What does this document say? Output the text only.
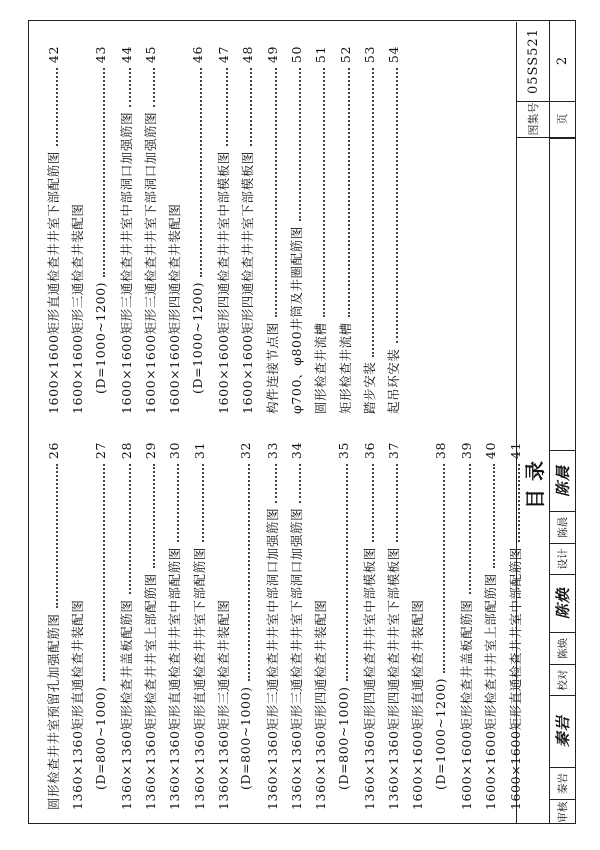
圆形检查井井室预留孔加强配筋图
26
1360×1360矩形直通检查井装配图 (D=800~1000)
27
1360×1360矩形检查井盖板配筋图
28
1360×1360矩形检查井井室上部配筋图
29
1360×1360矩形直通检查井井室中部配筋图
30
1360×1360矩形直通检查井井室下部配筋图
31
1360×1360矩形三通检查井装配图 (D=800~1000)
32
1360×1360矩形三通检查井井室中部洞口加强筋图
33
1360×1360矩形三通检查井井室下部洞口加强筋图
34
1360×1360矩形四通检查井装配图 (D=800~1000)
35
1360×1360矩形四通检查井井室中部模板图
36
1360×1360矩形四通检查井井室下部模板图
37
1600×1600矩形直通检查井装配图 (D=1000~1200)
38
1600×1600矩形检查井盖板配筋图
39
1600×1600矩形检查井井室上部配筋图
40
1600×1600矩形直通检查井井室中部配筋图
41
1600×1600矩形直通检查井井室下部配筋图
42
1600×1600矩形三通检查井装配图 (D=1000~1200)
43
1600×1600矩形三通检查井井室中部洞口加强筋图
44
1600×1600矩形三通检查井井室下部洞口加强筋图
45
1600×1600矩形四通检查井装配图 (D=1000~1200)
46
1600×1600矩形四通检查井井室中部模板图
47
1600×1600矩形四通检查井井室下部模板图
48
构件连接节点图
49
φ700、φ800井筒及井圈配筋图
50
圆形检查井流槽
51
矩形检查井流槽
52
踏步安装
53
起吊环安装
54
目录
图集号
05SS521
页
2
审核
秦岩
秦岩
校对
陈焕
陈焕
设计
陈晨
陈晨
